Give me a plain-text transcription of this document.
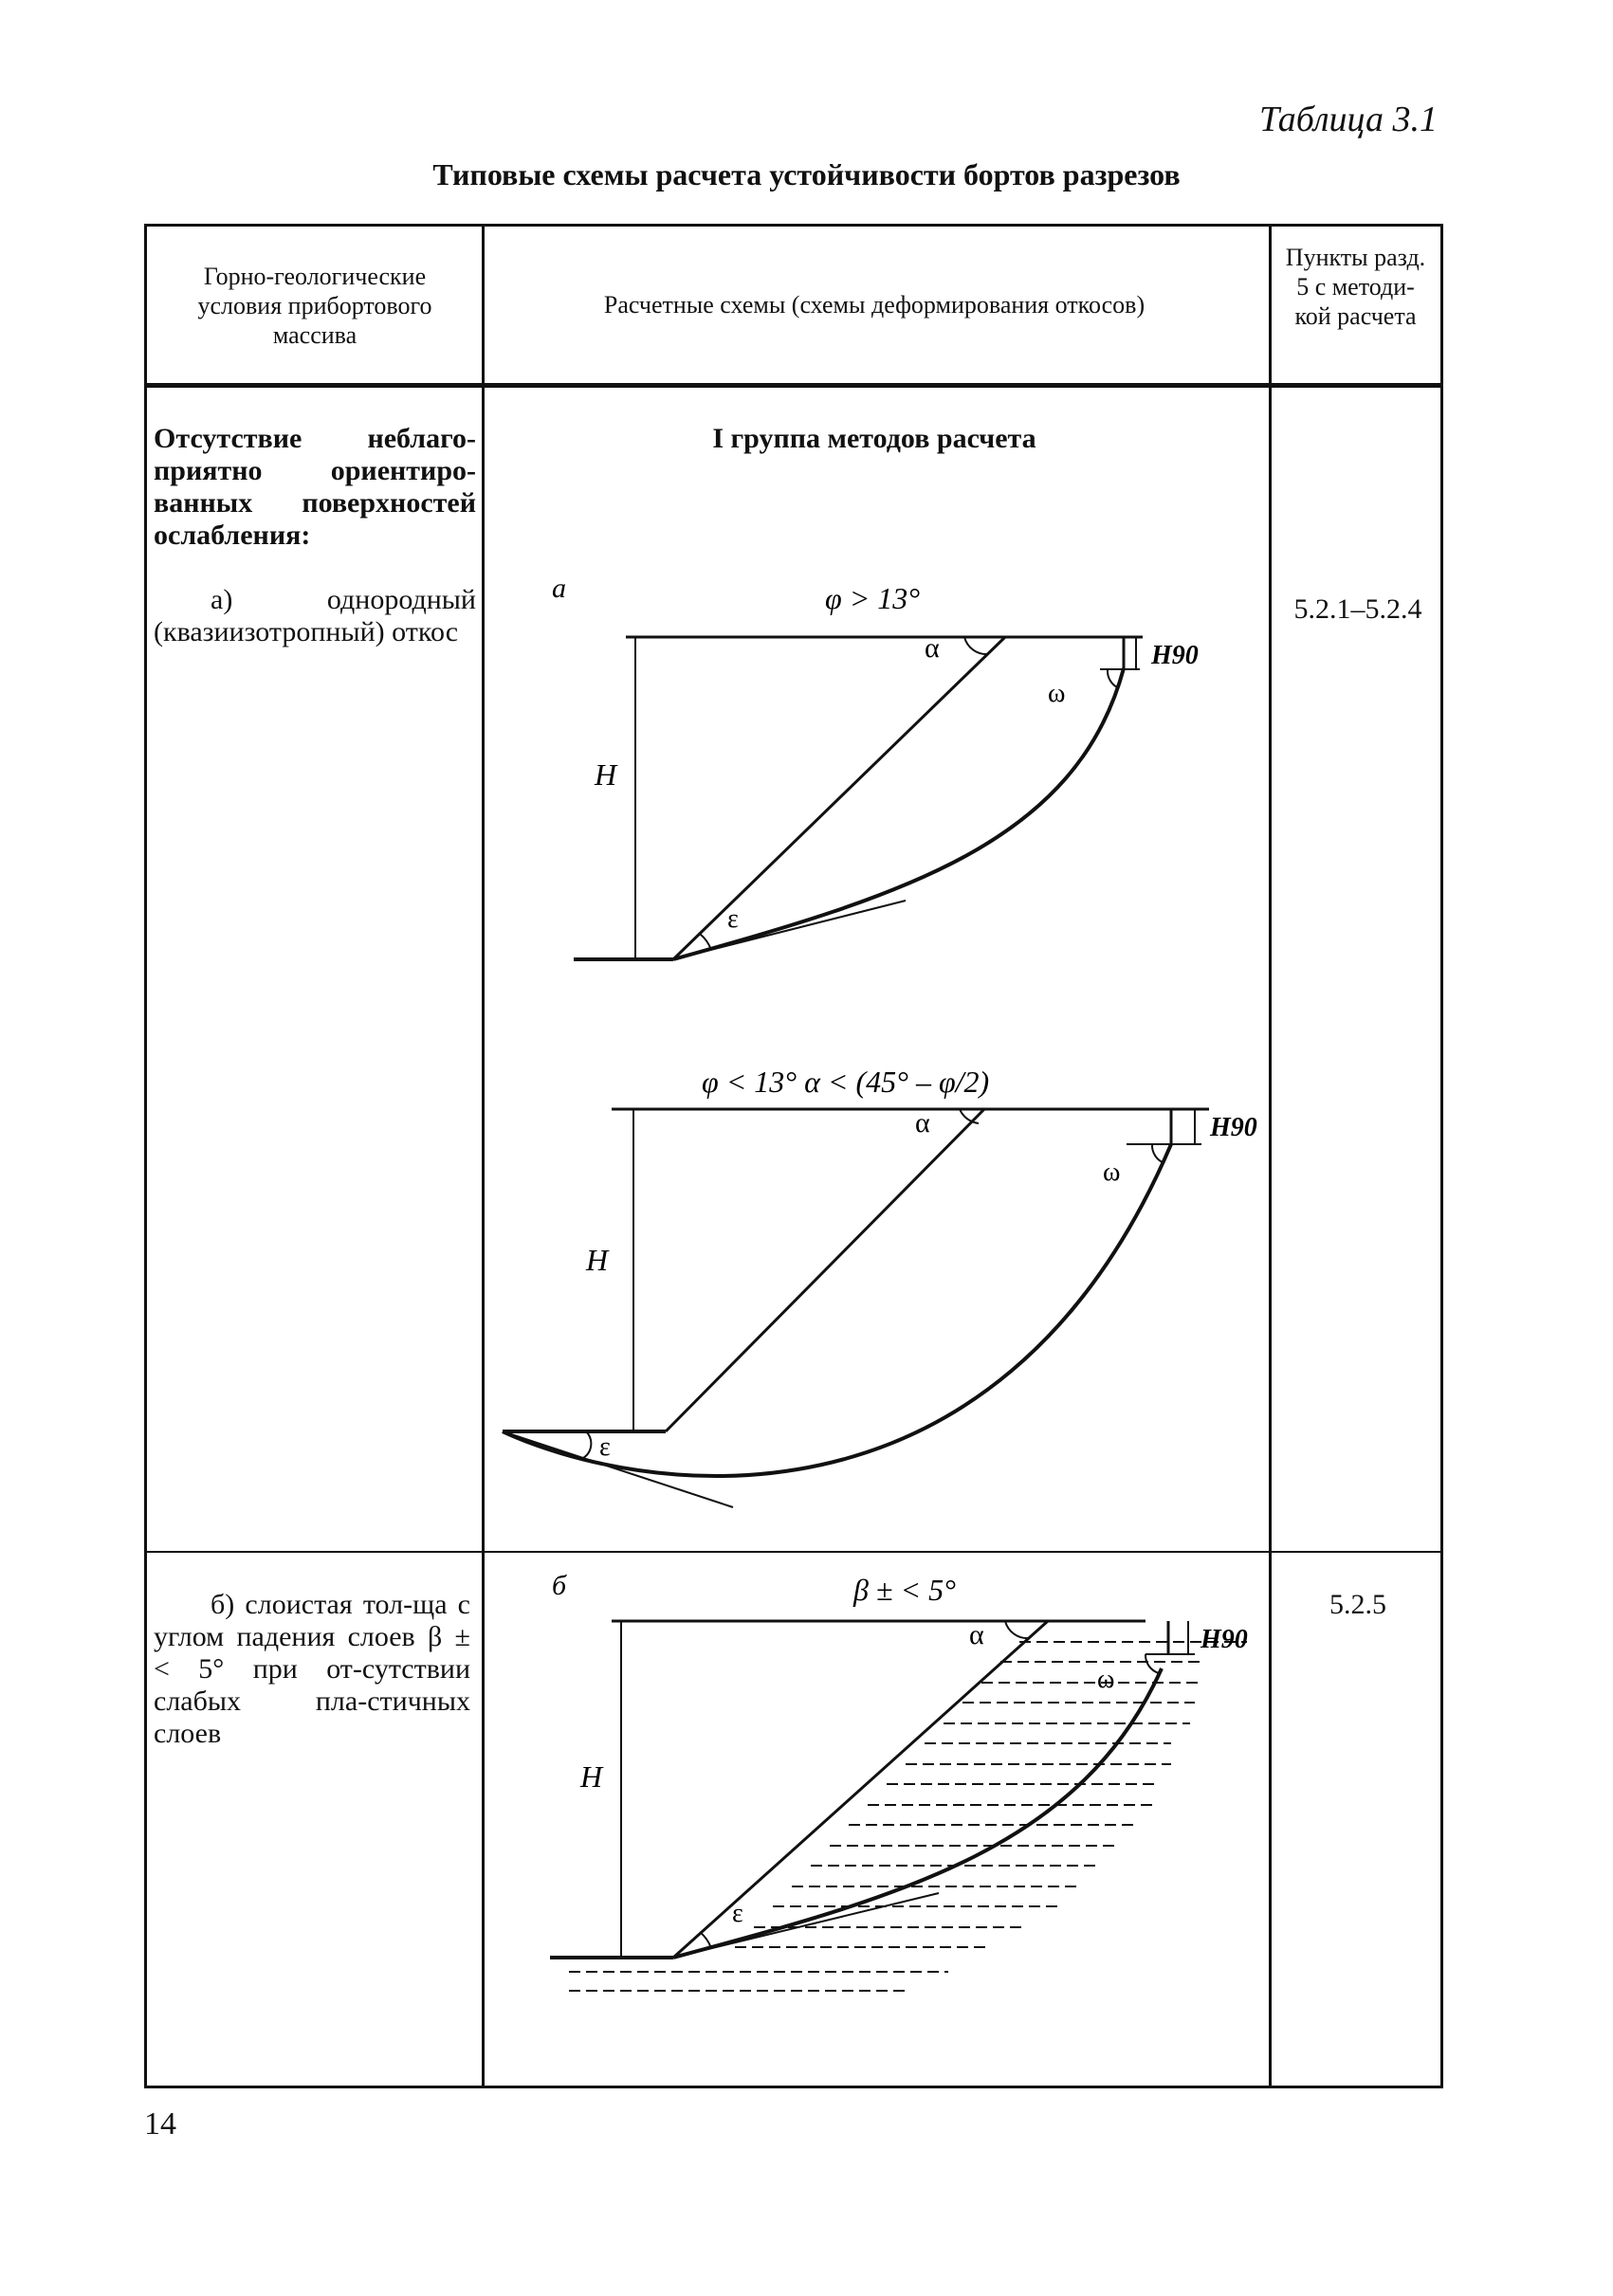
Таблица 3.1
Типовые схемы расчета устойчивости бортов разрезов
Горно-геологические условия прибортового массива
Расчетные схемы (схемы деформирования откосов)
Пункты разд. 5 с методи-кой расчета
Отсутствие неблаго-приятно ориентиро-ванных поверхностей ослабления:
а) однородный (квазиизотропный) откос
I группа методов расчета
5.2.1–5.2.4
б) слоистая тол-ща с углом падения слоев β ± < 5° при от-сутствии слабых пла-стичных слоев
5.2.5
а	φ > 13°
α
ω
ε
H
H90
φ < 13° α < (45° – φ/2)
α
ω
ε
H
H90
б	β ± < 5°
α
ω
ε
H
H90
14
